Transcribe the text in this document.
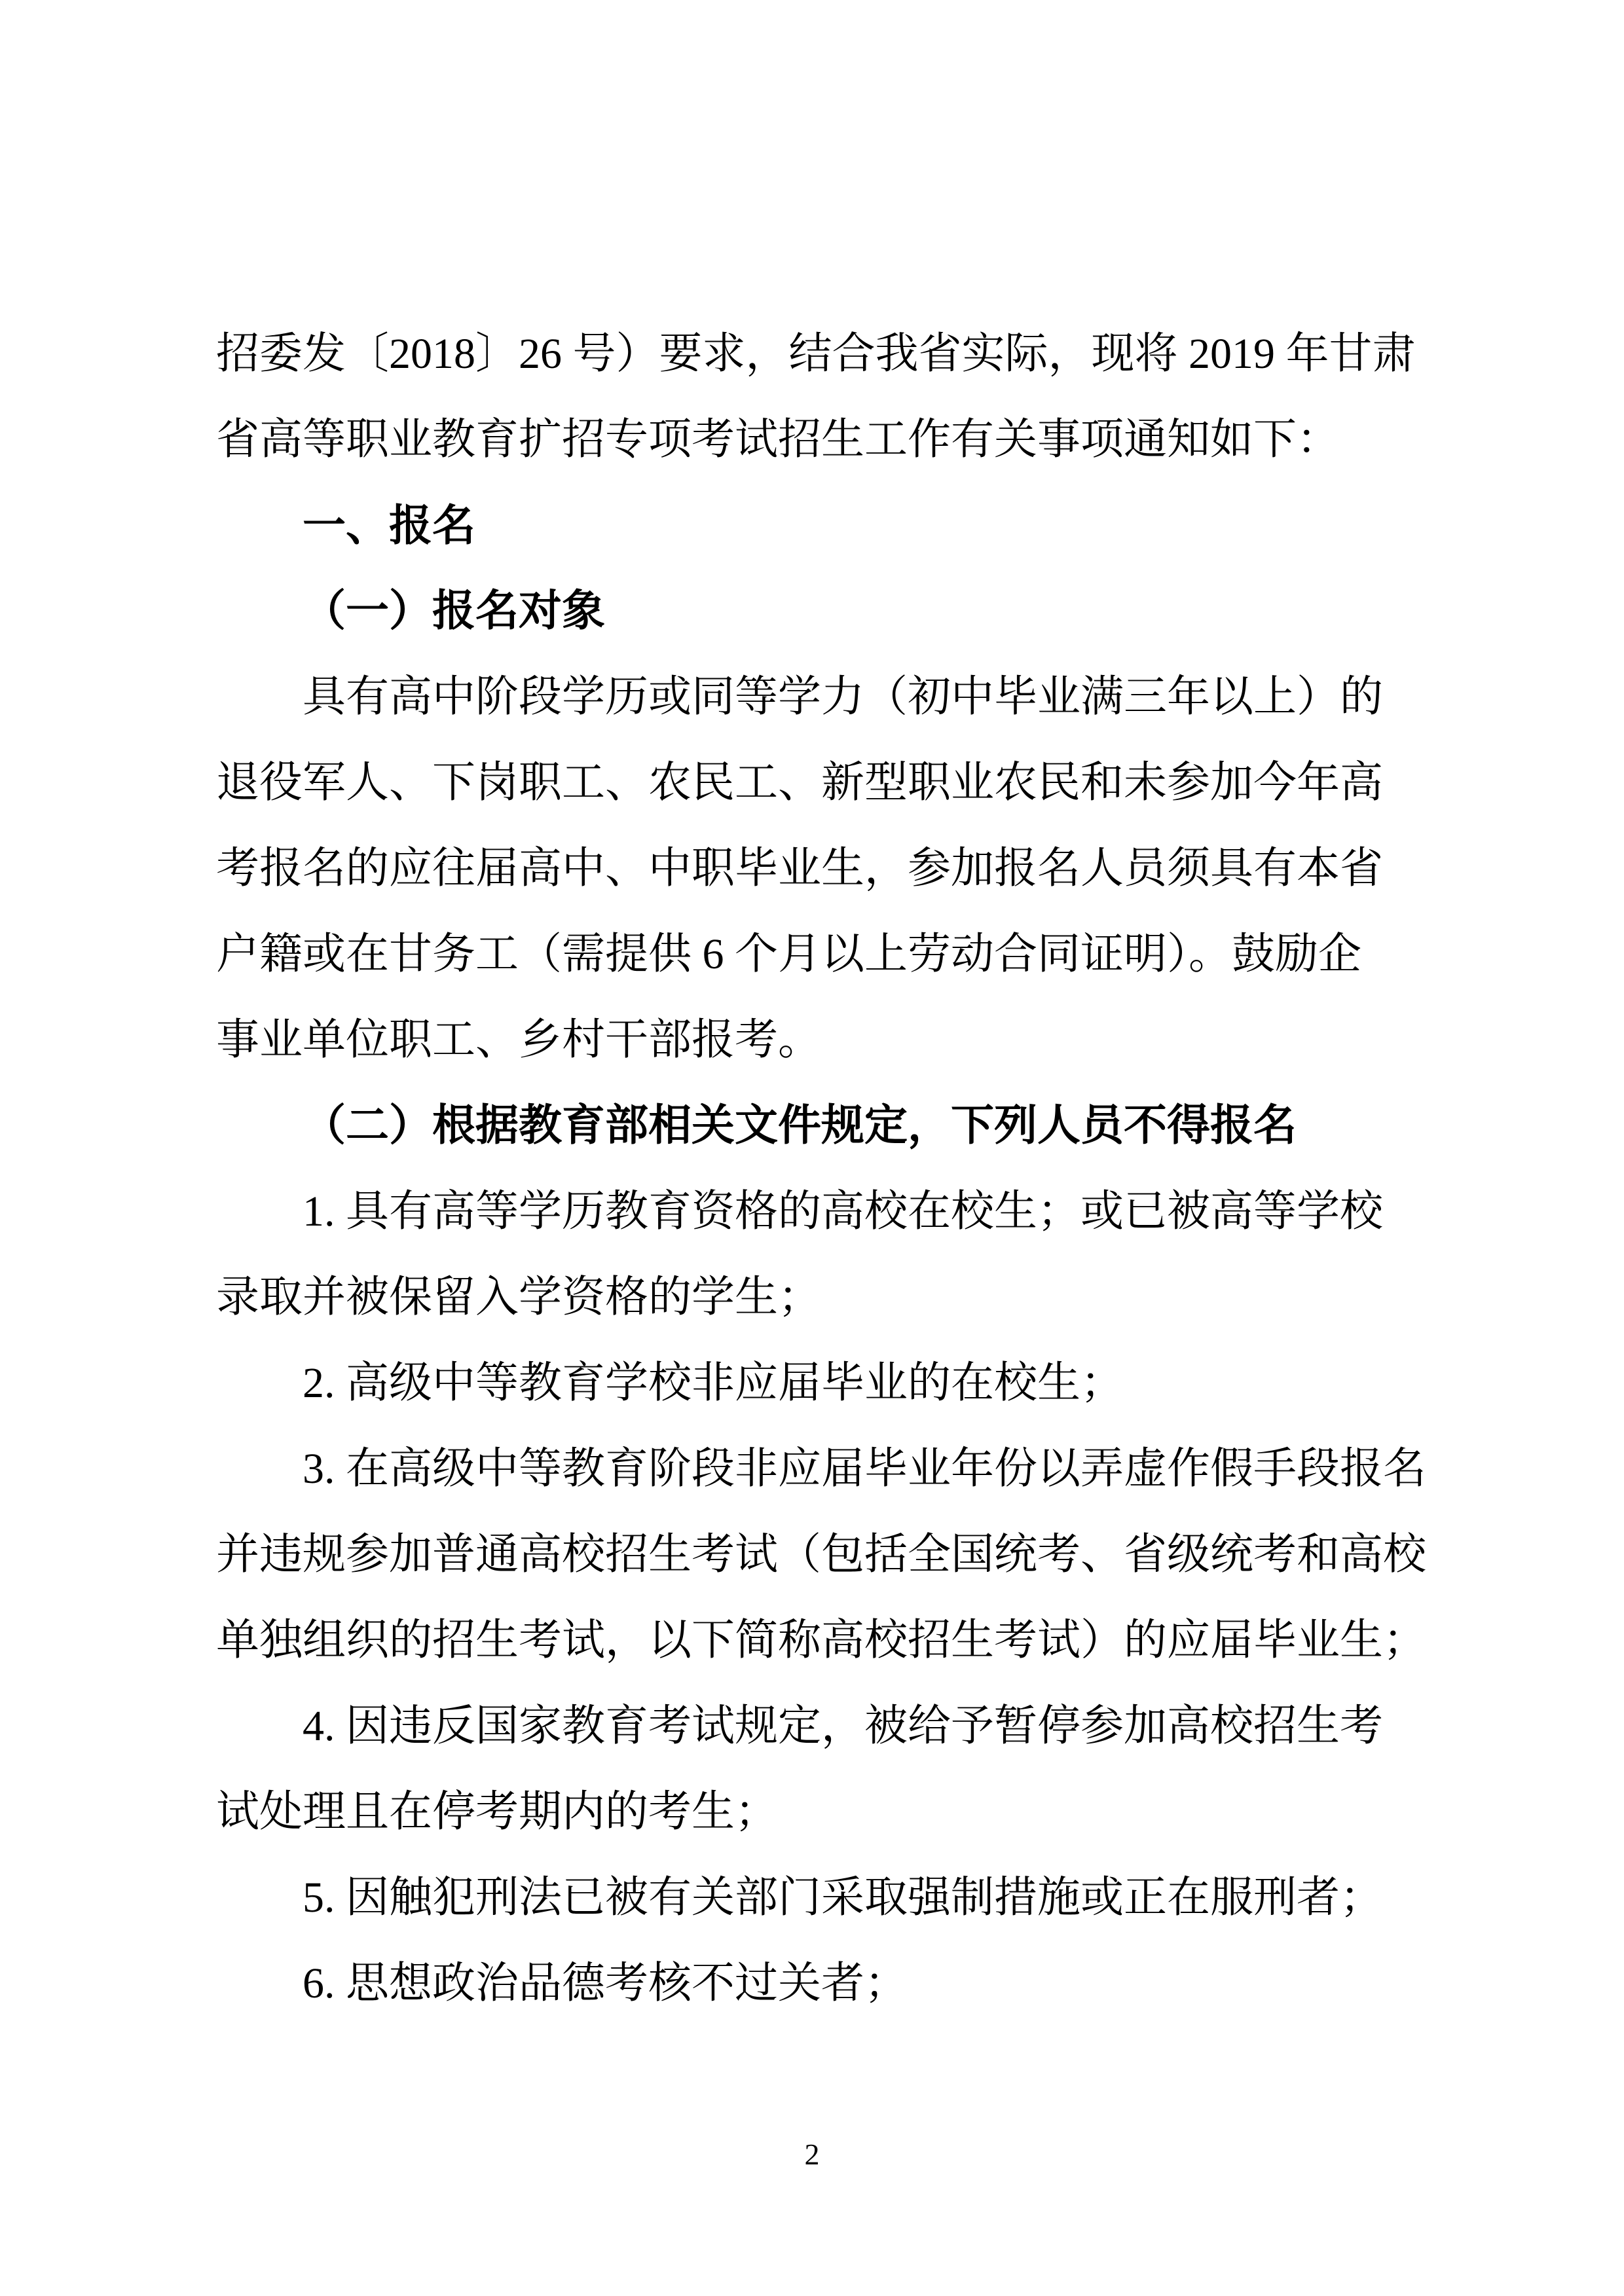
招委发〔2018〕26 号）要求，结合我省实际，现将 2019 年甘肃
省高等职业教育扩招专项考试招生工作有关事项通知如下：
一、报名
（一）报名对象
具有高中阶段学历或同等学力（初中毕业满三年以上）的
退役军人、下岗职工、农民工、新型职业农民和未参加今年高
考报名的应往届高中、中职毕业生，参加报名人员须具有本省
户籍或在甘务工（需提供 6 个月以上劳动合同证明）。鼓励企
事业单位职工、乡村干部报考。
（二）根据教育部相关文件规定，下列人员不得报名
1. 具有高等学历教育资格的高校在校生；或已被高等学校
录取并被保留入学资格的学生；
2. 高级中等教育学校非应届毕业的在校生；
3. 在高级中等教育阶段非应届毕业年份以弄虚作假手段报名
并违规参加普通高校招生考试（包括全国统考、省级统考和高校
单独组织的招生考试，以下简称高校招生考试）的应届毕业生；
4. 因违反国家教育考试规定，被给予暂停参加高校招生考
试处理且在停考期内的考生；
5. 因触犯刑法已被有关部门采取强制措施或正在服刑者；
6. 思想政治品德考核不过关者；
2
